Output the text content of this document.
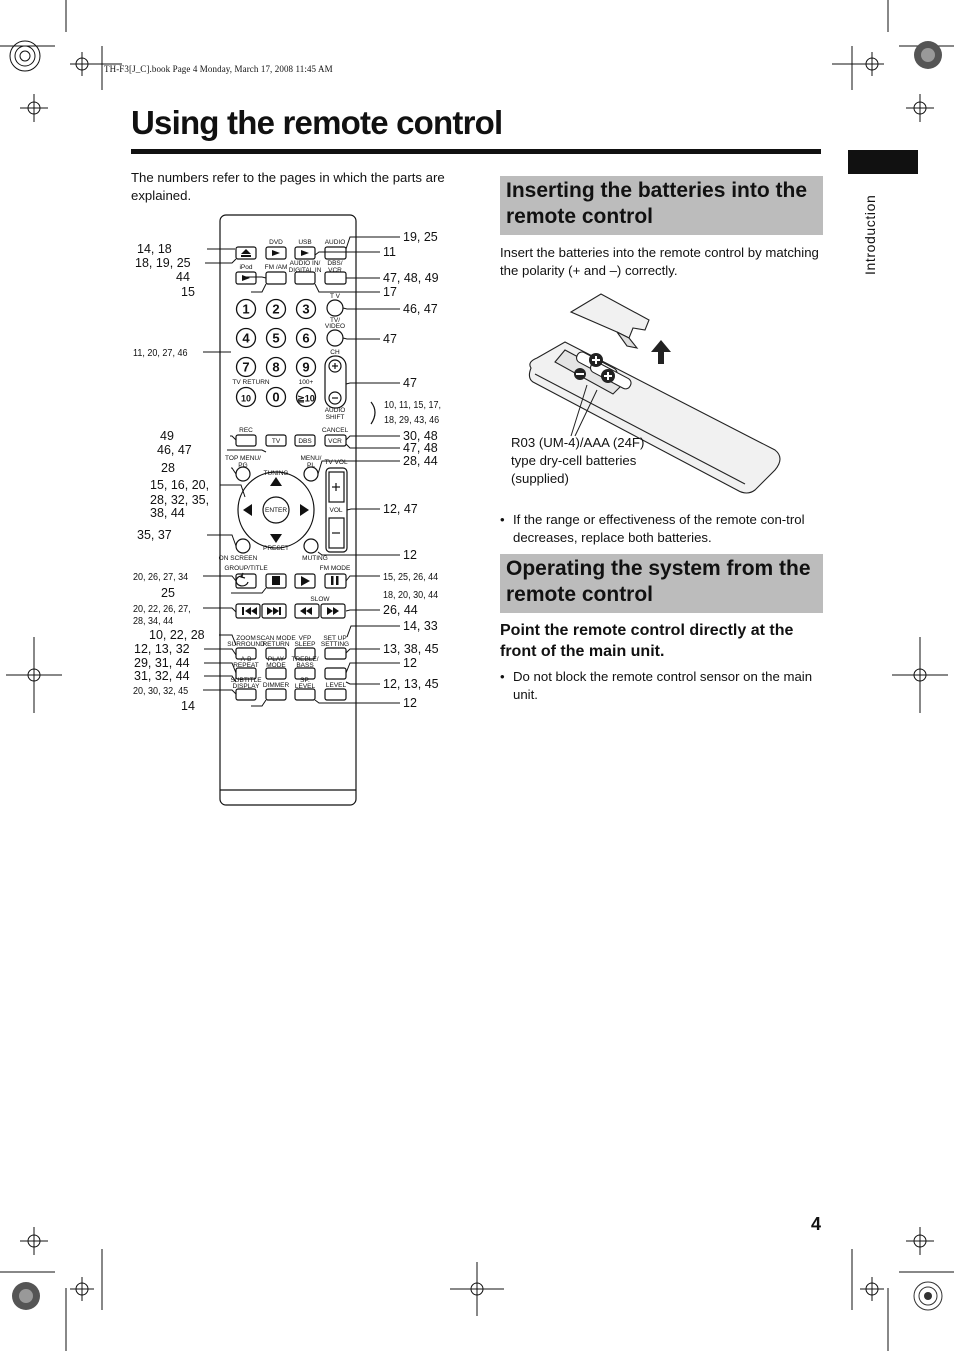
TH-F3[J_C].book Page 4 Monday, March 17, 2008 11:45 AM
Using the remote control
Introduction
The numbers refer to the pages in which the parts are explained.
1 2 3
4 5 6
7 8 9
10 0 ≧10
DVD USB AUDIO
iPod FM /AM
AUDIO IN/
DIGITAL IN
DBS/
VCR
T V
TV/
VIDEO
CH
TV RETURN	100+
AUDIO
SHIFT
REC	CANCEL
TV	DBS	VCR
TOP MENU/
PG
MENU/
PL TV VOL
TUNING
ENTER	VOL
PRESET
ON SCREEN	MUTING
GROUP/TITLE	FM MODE
SLOW
ZOOM
SURROUND
SCAN MODE
RETURN
VFP
SLEEP
SET UP
SETTING
A-B
REPEAT
PLAY
MODE
TREBLE/
BASS
SUBTITLE
DISPLAY DIMMER
SP.
LEVEL LEVEL
14, 18
18, 19, 25
44
15
11, 20, 27, 46
49
46, 47
28
15, 16, 20,
28, 32, 35,
38, 44
35, 37
20, 26, 27, 34
25
20, 22, 26, 27,
28, 34, 44
10, 22, 28
12, 13, 32
29, 31, 44
31, 32, 44
20, 30, 32, 45
14
19, 25
11
47, 48, 49
17
46, 47
47
47
10, 11, 15, 17,
18, 29, 43, 46
30, 48
47, 48
28, 44
12, 47
12
15, 25, 26, 44
18, 20, 30, 44
26, 44
14, 33
13, 38, 45
12
12, 13, 45
12
Inserting the batteries into the remote control
Insert the batteries into the remote control by matching the polarity (+ and –) correctly.
R03 (UM-4)/AAA (24F) type dry-cell batteries (supplied)
• If the range or effectiveness of the remote con-trol decreases, replace both batteries.
Operating the system from the remote control
Point the remote control directly at the front of the main unit.
• Do not block the remote control sensor on the main unit.
4
